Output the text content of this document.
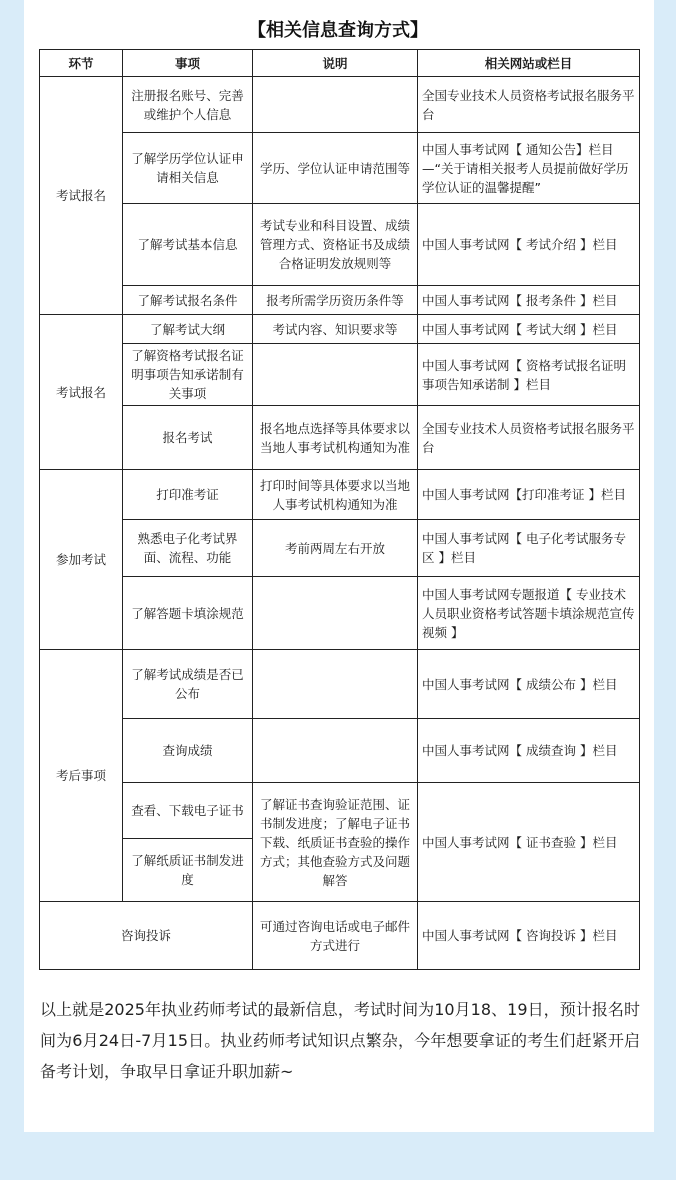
【相关信息查询方式】
环节	事项	说明	相关网站或栏目
考试报名	注册报名账号、完善或维护个人信息		全国专业技术人员资格考试报名服务平台
	了解学历学位认证申请相关信息	学历、学位认证申请范围等	中国人事考试网【 通知公告】栏目—“关于请相关报考人员提前做好学历学位认证的温馨提醒”
	了解考试基本信息	考试专业和科目设置、成绩管理方式、资格证书及成绩合格证明发放规则等	中国人事考试网【 考试介绍 】栏目
	了解考试报名条件	报考所需学历资历条件等	中国人事考试网【 报考条件 】栏目
考试报名	了解考试大纲	考试内容、知识要求等	中国人事考试网【 考试大纲 】栏目
	了解资格考试报名证明事项告知承诺制有关事项		中国人事考试网【 资格考试报名证明事项告知承诺制 】栏目
	报名考试	报名地点选择等具体要求以当地人事考试机构通知为准	全国专业技术人员资格考试报名服务平台
参加考试	打印准考证	打印时间等具体要求以当地人事考试机构通知为准	中国人事考试网【打印准考证 】栏目
	熟悉电子化考试界面、流程、功能	考前两周左右开放	中国人事考试网【 电子化考试服务专区 】栏目
	了解答题卡填涂规范		中国人事考试网专题报道【 专业技术人员职业资格考试答题卡填涂规范宣传视频 】
考后事项	了解考试成绩是否已公布		中国人事考试网【 成绩公布 】栏目
	查询成绩		中国人事考试网【 成绩查询 】栏目
	查看、下载电子证书	了解证书查询验证范围、证书制发进度；了解电子证书下载、纸质证书查验的操作方式；其他查验方式及问题解答	中国人事考试网【 证书查验 】栏目
	了解纸质证书制发进度		
咨询投诉		可通过咨询电话或电子邮件方式进行	中国人事考试网【 咨询投诉 】栏目
以上就是2025年执业药师考试的最新信息，考试时间为10月18、19日，预计报名时间为6月24日-7月15日。执业药师考试知识点繁杂，今年想要拿证的考生们赶紧开启备考计划，争取早日拿证升职加薪~
